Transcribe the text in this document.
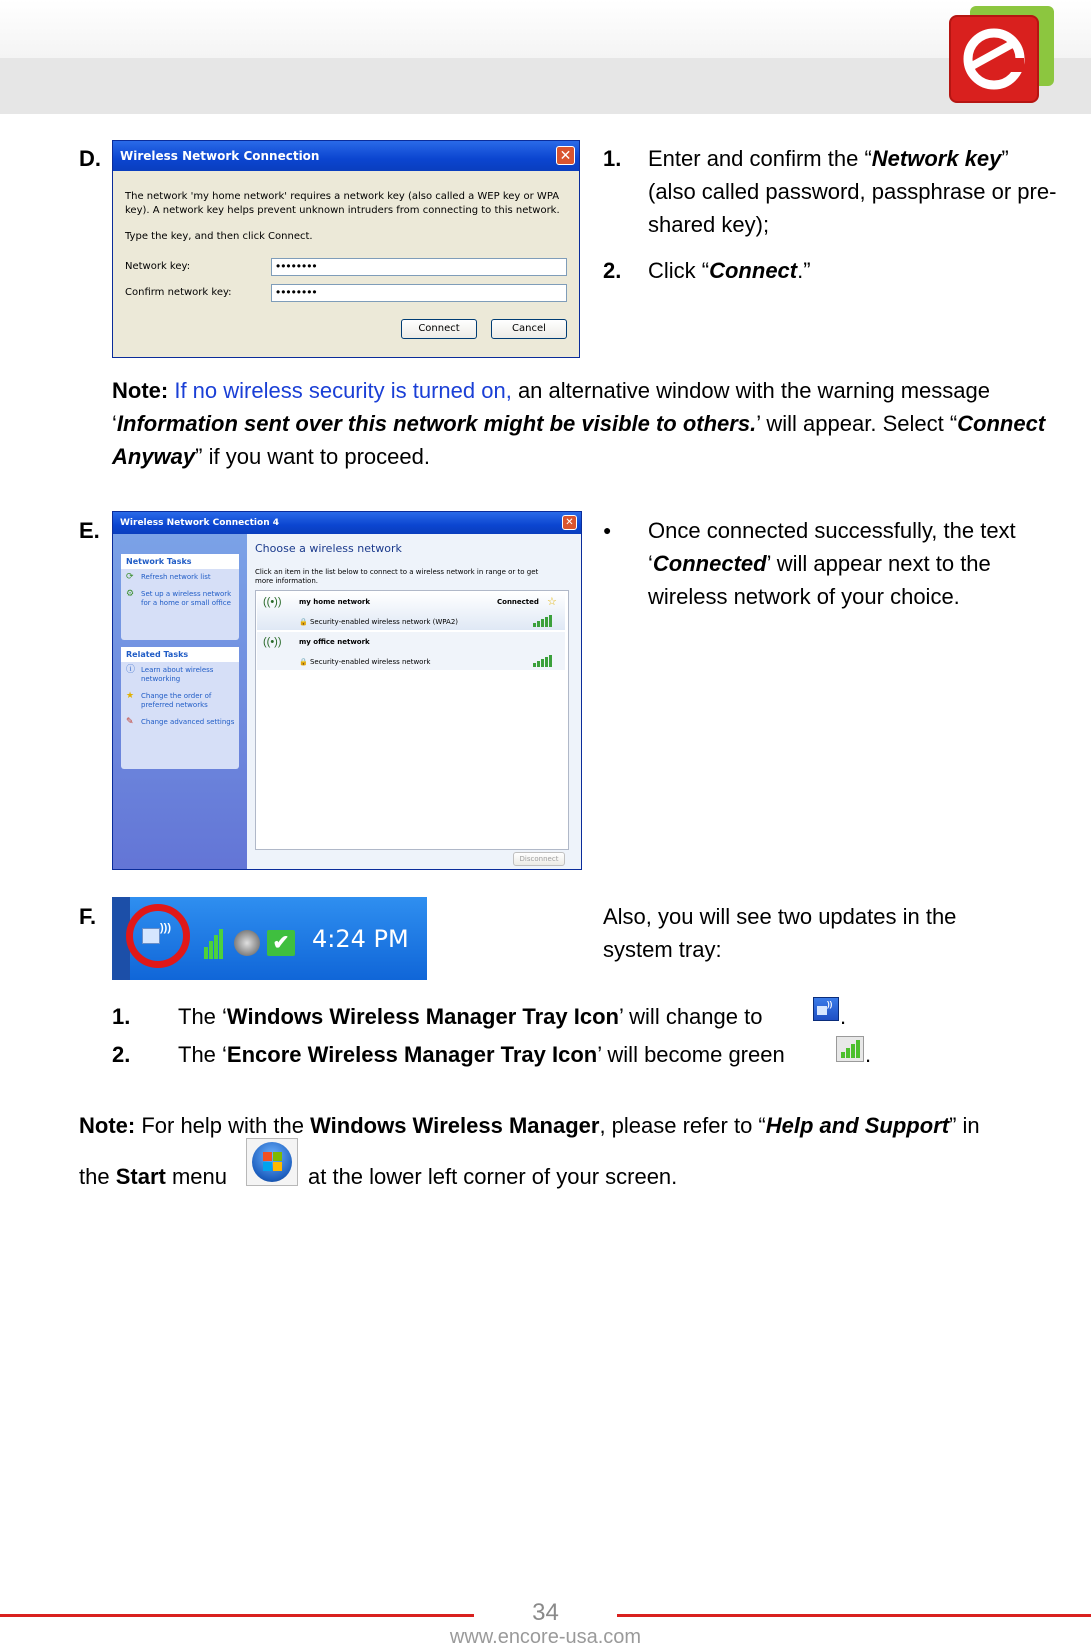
D.	Wireless Network Connection	✕
The network 'my home network' requires a network key (also called a WEP key or WPA key). A network key helps prevent unknown intruders from connecting to this network.
Type the key, and then click Connect.
Network key:	••••••••
Confirm network key:	••••••••
Connect	Cancel
1. Enter and confirm the “Network key” (also called password, passphrase or pre-shared key);
2. Click “Connect.”
Note: If no wireless security is turned on, an alternative window with the warning message ‘Information sent over this network might be visible to others.’ will appear. Select “Connect Anyway” if you want to proceed.
E.	Wireless Network Connection 4	✕
Network Tasks
⟳ Refresh network list
⚙ Set up a wireless network for a home or small office
Related Tasks
ⓘ Learn about wireless networking
★ Change the order of preferred networks
✎ Change advanced settings
Choose a wireless network
Click an item in the list below to connect to a wireless network in range or to get more information.
((•)) my home network	Connected ☆
🔒 Security-enabled wireless network (WPA2)
((•)) my office network
🔒 Security-enabled wireless network
Disconnect
● Once connected successfully, the text ‘Connected’ will appear next to the wireless network of your choice.
F.	)))
✔ 4:24 PM
Also, you will see two updates in the system tray:
1. The ‘Windows Wireless Manager Tray Icon’ will change to	)) .
2. The ‘Encore Wireless Manager Tray Icon’ will become green	.
Note: For help with the Windows Wireless Manager, please refer to “Help and Support” in
the Start menu	at the lower left corner of your screen.
34
www.encore-usa.com
